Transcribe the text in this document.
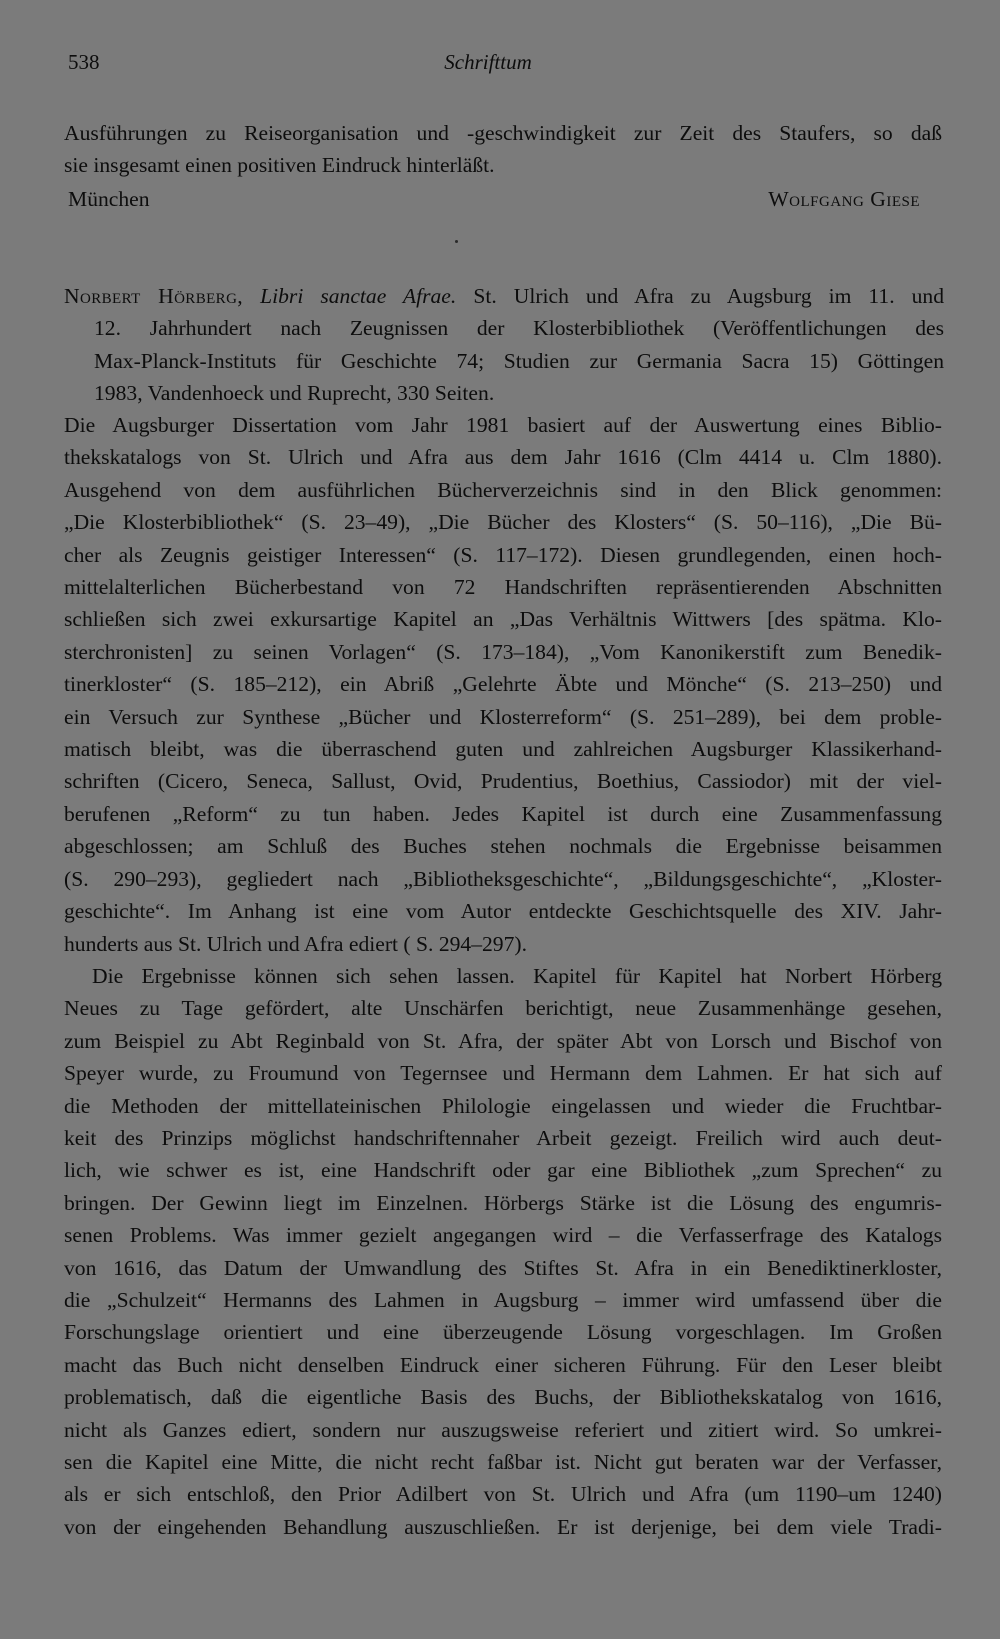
538	Schrifttum
Ausführungen zu Reiseorganisation und -geschwindigkeit zur Zeit des Staufers, so daß
sie insgesamt einen positiven Eindruck hinterläßt.
München	Wolfgang Giese
Norbert Hörberg, Libri sanctae Afrae. St. Ulrich und Afra zu Augsburg im 11. und
12. Jahrhundert nach Zeugnissen der Klosterbibliothek (Veröffentlichungen des
Max-Planck-Instituts für Geschichte 74; Studien zur Germania Sacra 15) Göttingen
1983, Vandenhoeck und Ruprecht, 330 Seiten.
Die Augsburger Dissertation vom Jahr 1981 basiert auf der Auswertung eines Biblio-
thekskatalogs von St. Ulrich und Afra aus dem Jahr 1616 (Clm 4414 u. Clm 1880).
Ausgehend von dem ausführlichen Bücherverzeichnis sind in den Blick genommen:
„Die Klosterbibliothek“ (S. 23–49), „Die Bücher des Klosters“ (S. 50–116), „Die Bü-
cher als Zeugnis geistiger Interessen“ (S. 117–172). Diesen grundlegenden, einen hoch-
mittelalterlichen Bücherbestand von 72 Handschriften repräsentierenden Abschnitten
schließen sich zwei exkursartige Kapitel an „Das Verhältnis Wittwers [des spätma. Klo-
sterchronisten] zu seinen Vorlagen“ (S. 173–184), „Vom Kanonikerstift zum Benedik-
tinerkloster“ (S. 185–212), ein Abriß „Gelehrte Äbte und Mönche“ (S. 213–250) und
ein Versuch zur Synthese „Bücher und Klosterreform“ (S. 251–289), bei dem proble-
matisch bleibt, was die überraschend guten und zahlreichen Augsburger Klassikerhand-
schriften (Cicero, Seneca, Sallust, Ovid, Prudentius, Boethius, Cassiodor) mit der viel-
berufenen „Reform“ zu tun haben. Jedes Kapitel ist durch eine Zusammenfassung
abgeschlossen; am Schluß des Buches stehen nochmals die Ergebnisse beisammen
(S. 290–293), gegliedert nach „Bibliotheksgeschichte“, „Bildungsgeschichte“, „Kloster-
geschichte“. Im Anhang ist eine vom Autor entdeckte Geschichtsquelle des XIV. Jahr-
hunderts aus St. Ulrich und Afra ediert ( S. 294–297).
Die Ergebnisse können sich sehen lassen. Kapitel für Kapitel hat Norbert Hörberg
Neues zu Tage gefördert, alte Unschärfen berichtigt, neue Zusammenhänge gesehen,
zum Beispiel zu Abt Reginbald von St. Afra, der später Abt von Lorsch und Bischof von
Speyer wurde, zu Froumund von Tegernsee und Hermann dem Lahmen. Er hat sich auf
die Methoden der mittellateinischen Philologie eingelassen und wieder die Fruchtbar-
keit des Prinzips möglichst handschriftennaher Arbeit gezeigt. Freilich wird auch deut-
lich, wie schwer es ist, eine Handschrift oder gar eine Bibliothek „zum Sprechen“ zu
bringen. Der Gewinn liegt im Einzelnen. Hörbergs Stärke ist die Lösung des engumris-
senen Problems. Was immer gezielt angegangen wird – die Verfasserfrage des Katalogs
von 1616, das Datum der Umwandlung des Stiftes St. Afra in ein Benediktinerkloster,
die „Schulzeit“ Hermanns des Lahmen in Augsburg – immer wird umfassend über die
Forschungslage orientiert und eine überzeugende Lösung vorgeschlagen. Im Großen
macht das Buch nicht denselben Eindruck einer sicheren Führung. Für den Leser bleibt
problematisch, daß die eigentliche Basis des Buchs, der Bibliothekskatalog von 1616,
nicht als Ganzes ediert, sondern nur auszugsweise referiert und zitiert wird. So umkrei-
sen die Kapitel eine Mitte, die nicht recht faßbar ist. Nicht gut beraten war der Verfasser,
als er sich entschloß, den Prior Adilbert von St. Ulrich und Afra (um 1190–um 1240)
von der eingehenden Behandlung auszuschließen. Er ist derjenige, bei dem viele Tradi-
